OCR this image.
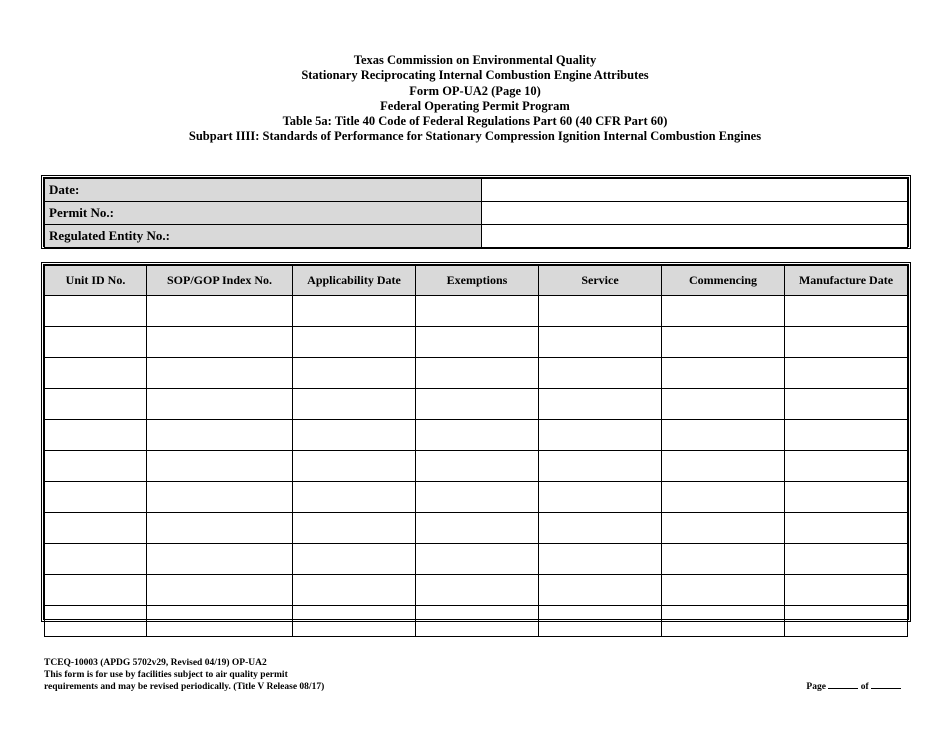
Texas Commission on Environmental Quality
Stationary Reciprocating Internal Combustion Engine Attributes
Form OP-UA2 (Page 10)
Federal Operating Permit Program
Table 5a: Title 40 Code of Federal Regulations Part 60 (40 CFR Part 60)
Subpart IIII: Standards of Performance for Stationary Compression Ignition Internal Combustion Engines
Date:	
Permit No.:	
Regulated Entity No.:	
Unit ID No.	SOP/GOP Index No.	Applicability Date	Exemptions	Service	Commencing	Manufacture Date

TCEQ-10003 (APDG 5702v29, Revised 04/19) OP-UA2
This form is for use by facilities subject to air quality permit
requirements and may be revised periodically. (Title V Release 08/17)	Page	of
